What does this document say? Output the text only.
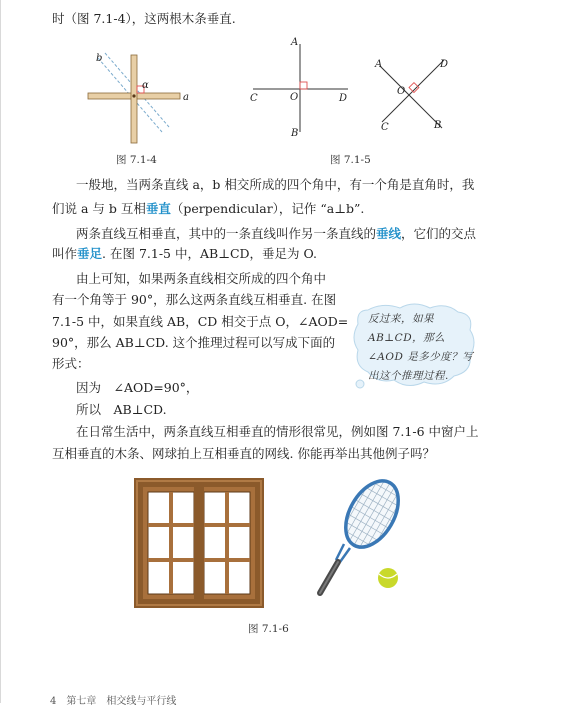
时（图 7.1-4），这两根木条垂直.

α
a
b
图 7.1-4
A
B
C	D
O
A	D
C	B
O
图 7.1-5

一般地，当两条直线 a，b 相交所成的四个角中，有一个角是直角时，我

们说 a 与 b 互相垂直（perpendicular），记作 “a⊥b”.

两条直线互相垂直，其中的一条直线叫作另一条直线的垂线，它们的交点

叫作垂足. 在图 7.1-5 中，AB⊥CD，垂足为 O.

由上可知，如果两条直线相交所成的四个角中

有一个角等于 90°，那么这两条直线互相垂直. 在图

7.1-5 中，如果直线 AB，CD 相交于点 O，∠AOD=

90°，那么 AB⊥CD. 这个推理过程可以写成下面的

形式：

因为　∠AOD=90°，

所以　AB⊥CD.

反过来，如果 AB⊥CD，那么∠AOD 是多少度？写出这个推理过程.

在日常生活中，两条直线互相垂直的情形很常见，例如图 7.1-6 中窗户上

互相垂直的木条、网球拍上互相垂直的网线. 你能再举出其他例子吗？

图 7.1-6
4　第七章　相交线与平行线
